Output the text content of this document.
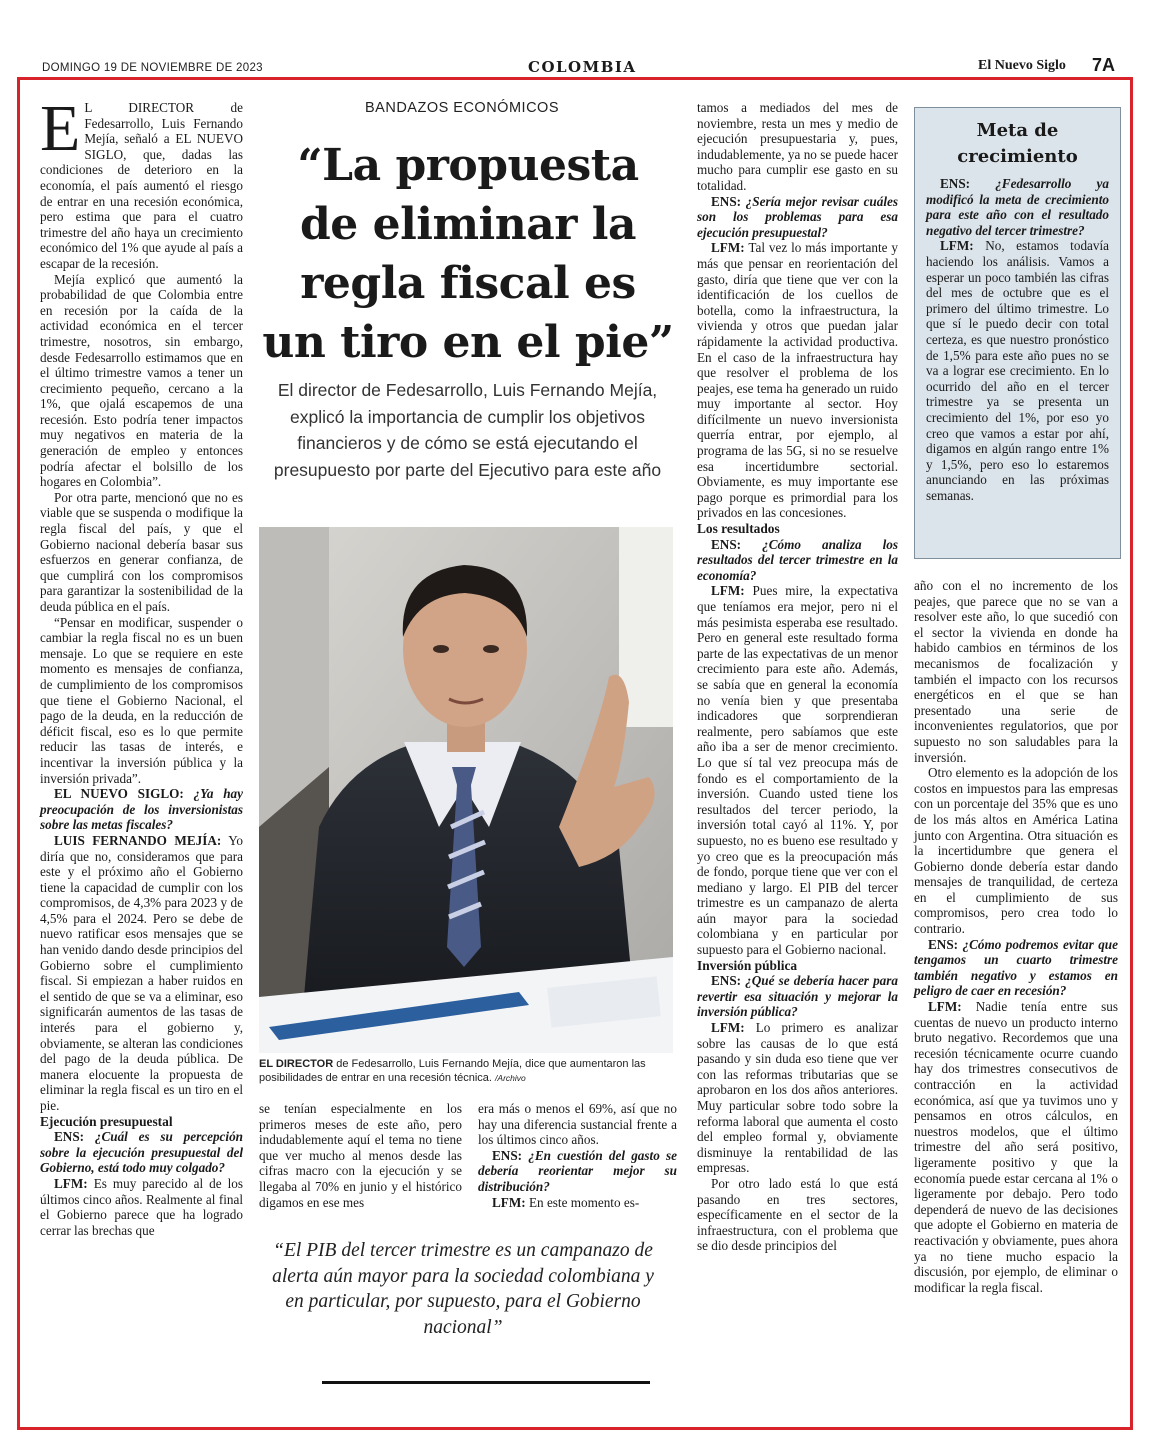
DOMINGO 19 DE NOVIEMBRE DE 2023	COLOMBIA	El Nuevo Siglo 7A

E L DIRECTOR de Fedesarrollo, Luis Fernando Mejía, señaló a EL NUEVO SIGLO, que, dadas las condiciones de deterioro en la economía, el país aumentó el riesgo de entrar en una recesión económica, pero estima que para el cuatro trimestre del año haya un crecimiento económico del 1% que ayude al país a escapar de la recesión.

Mejía explicó que aumentó la probabilidad de que Colombia entre en recesión por la caída de la actividad económica en el tercer trimestre, nosotros, sin embargo, desde Fedesarrollo estimamos que en el último trimestre vamos a tener un crecimiento pequeño, cercano a la 1%, que ojalá escapemos de una recesión. Esto podría tener impactos muy negativos en materia de la generación de empleo y entonces podría afectar el bolsillo de los hogares en Colombia”.

Por otra parte, mencionó que no es viable que se suspenda o modifique la regla fiscal del país, y que el Gobierno nacional debería basar sus esfuerzos en generar confianza, de que cumplirá con los compromisos para garantizar la sostenibilidad de la deuda pública en el país.

“Pensar en modificar, suspender o cambiar la regla fiscal no es un buen mensaje. Lo que se requiere en este momento es mensajes de confianza, de cumplimiento de los compromisos que tiene el Gobierno Nacional, el pago de la deuda, en la reducción de déficit fiscal, eso es lo que permite reducir las tasas de interés, e incentivar la inversión pública y la inversión privada”.

EL NUEVO SIGLO: ¿Ya hay preocupación de los inversionistas sobre las metas fiscales?

LUIS FERNANDO MEJÍA: Yo diría que no, consideramos que para este y el próximo año el Gobierno tiene la capacidad de cumplir con los compromisos, de 4,3% para 2023 y de 4,5% para el 2024. Pero se debe de nuevo ratificar esos mensajes que se han venido dando desde principios del Gobierno sobre el cumplimiento fiscal. Si empiezan a haber ruidos en el sentido de que se va a eliminar, eso significarán aumentos de las tasas de interés para el gobierno y, obviamente, se alteran las condiciones del pago de la deuda pública. De manera elocuente la propuesta de eliminar la regla fiscal es un tiro en el pie.

Ejecución presupuestal

ENS: ¿Cuál es su percepción sobre la ejecución presupuestal del Gobierno, está todo muy colgado?

LFM: Es muy parecido al de los últimos cinco años. Realmente al final el Gobierno parece que ha logrado cerrar las brechas que

BANDAZOS ECONÓMICOS
“La propuesta de eliminar la regla fiscal es un tiro en el pie”
El director de Fedesarrollo, Luis Fernando Mejía, explicó la importancia de cumplir los objetivos financieros y de cómo se está ejecutando el presupuesto por parte del Ejecutivo para este año
EL DIRECTOR de Fedesarrollo, Luis Fernando Mejía, dice que aumentaron las posibilidades de entrar en una recesión técnica. /Archivo

se tenían especialmente en los primeros meses de este año, pero indudablemente aquí el tema no tiene que ver mucho al menos desde las cifras macro con la ejecución y se llegaba al 70% en junio y el histórico digamos en ese mes

era más o menos el 69%, así que no hay una diferencia sustancial frente a los últimos cinco años.

ENS: ¿En cuestión del gasto se debería reorientar mejor su distribución?

LFM: En este momento es-

“El PIB del tercer trimestre es un campanazo de alerta aún mayor para la sociedad colombiana y en particular, por supuesto, para el Gobierno nacional”

tamos a mediados del mes de noviembre, resta un mes y medio de ejecución presupuestaria y, pues, indudablemente, ya no se puede hacer mucho para cumplir ese gasto en su totalidad.

ENS: ¿Sería mejor revisar cuáles son los problemas para esa ejecución presupuestal?

LFM: Tal vez lo más importante y más que pensar en reorientación del gasto, diría que tiene que ver con la identificación de los cuellos de botella, como la infraestructura, la vivienda y otros que puedan jalar rápidamente la actividad productiva. En el caso de la infraestructura hay que resolver el problema de los peajes, ese tema ha generado un ruido muy importante al sector. Hoy difícilmente un nuevo inversionista querría entrar, por ejemplo, al programa de las 5G, si no se resuelve esa incertidumbre sectorial. Obviamente, es muy importante ese pago porque es primordial para los privados en las concesiones.

Los resultados

ENS: ¿Cómo analiza los resultados del tercer trimestre en la economía?

LFM: Pues mire, la expectativa que teníamos era mejor, pero ni el más pesimista esperaba ese resultado. Pero en general este resultado forma parte de las expectativas de un menor crecimiento para este año. Además, se sabía que en general la economía no venía bien y que presentaba indicadores que sorprendieran realmente, pero sabíamos que este año iba a ser de menor crecimiento. Lo que sí tal vez preocupa más de fondo es el comportamiento de la inversión. Cuando usted tiene los resultados del tercer periodo, la inversión total cayó al 11%. Y, por supuesto, no es bueno ese resultado y yo creo que es la preocupación más de fondo, porque tiene que ver con el mediano y largo. El PIB del tercer trimestre es un campanazo de alerta aún mayor para la sociedad colombiana y en particular por supuesto para el Gobierno nacional.

Inversión pública

ENS: ¿Qué se debería hacer para revertir esa situación y mejorar la inversión pública?

LFM: Lo primero es analizar sobre las causas de lo que está pasando y sin duda eso tiene que ver con las reformas tributarias que se aprobaron en los dos años anteriores. Muy particular sobre todo sobre la reforma laboral que aumenta el costo del empleo formal y, obviamente disminuye la rentabilidad de las empresas.

Por otro lado está lo que está pasando en tres sectores, específicamente en el sector de la infraestructura, con el problema que se dio desde principios del

Meta de crecimiento

ENS: ¿Fedesarrollo ya modificó la meta de crecimiento para este año con el resultado negativo del tercer trimestre?

LFM: No, estamos todavía haciendo los análisis. Vamos a esperar un poco también las cifras del mes de octubre que es el primero del último trimestre. Lo que sí le puedo decir con total certeza, es que nuestro pronóstico de 1,5% para este año pues no se va a lograr ese crecimiento. En lo ocurrido del año en el tercer trimestre ya se presenta un crecimiento del 1%, por eso yo creo que vamos a estar por ahí, digamos en algún rango entre 1% y 1,5%, pero eso lo estaremos anunciando en las próximas semanas.

año con el no incremento de los peajes, que parece que no se van a resolver este año, lo que sucedió con el sector la vivienda en donde ha habido cambios en términos de los mecanismos de focalización y también el impacto con los recursos energéticos en el que se han presentado una serie de inconvenientes regulatorios, que por supuesto no son saludables para la inversión.

Otro elemento es la adopción de los costos en impuestos para las empresas con un porcentaje del 35% que es uno de los más altos en América Latina junto con Argentina. Otra situación es la incertidumbre que genera el Gobierno donde debería estar dando mensajes de tranquilidad, de certeza en el cumplimiento de sus compromisos, pero crea todo lo contrario.

ENS: ¿Cómo podremos evitar que tengamos un cuarto trimestre también negativo y estamos en peligro de caer en recesión?

LFM: Nadie tenía entre sus cuentas de nuevo un producto interno bruto negativo. Recordemos que una recesión técnicamente ocurre cuando hay dos trimestres consecutivos de contracción en la actividad económica, así que ya tuvimos uno y pensamos en otros cálculos, en nuestros modelos, que el último trimestre del año será positivo, ligeramente positivo y que la economía puede estar cercana al 1% o ligeramente por debajo. Pero todo dependerá de nuevo de las decisiones que adopte el Gobierno en materia de reactivación y obviamente, pues ahora ya no tiene mucho espacio la discusión, por ejemplo, de eliminar o modificar la regla fiscal.
